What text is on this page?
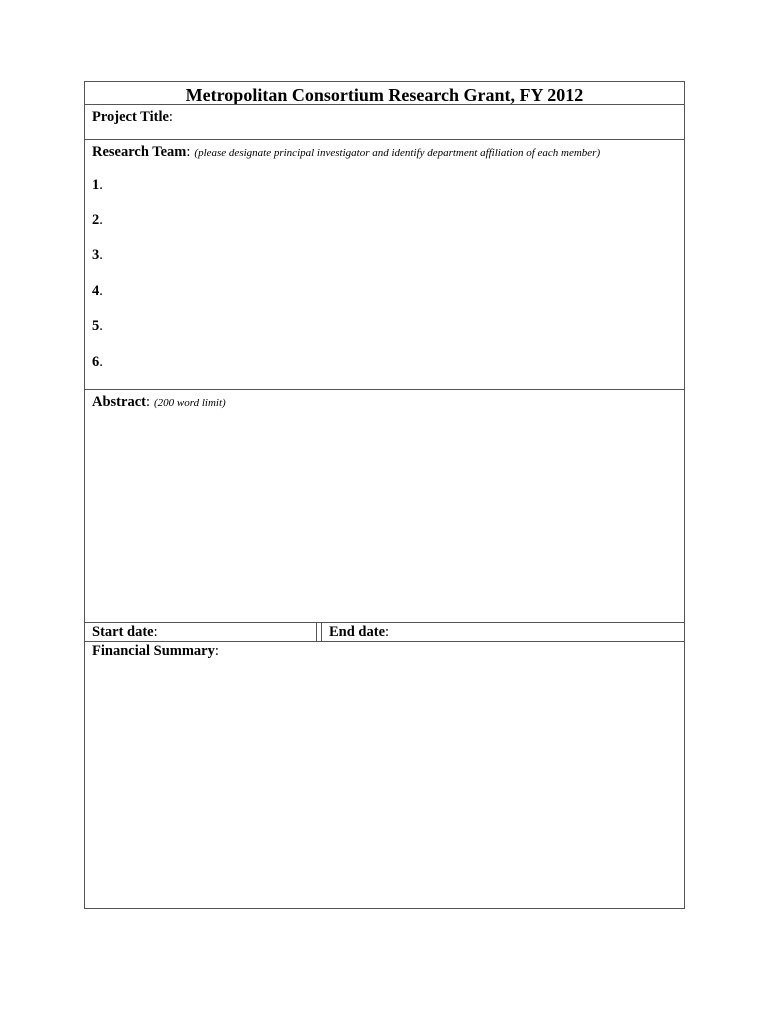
Metropolitan Consortium Research Grant, FY 2012

Project Title:
Research Team: (please designate principal investigator and identify department affiliation of each member)
1.
2.
3.
4.
5.
6.
Abstract: (200 word limit)
Start date:	End date:
Financial Summary:
